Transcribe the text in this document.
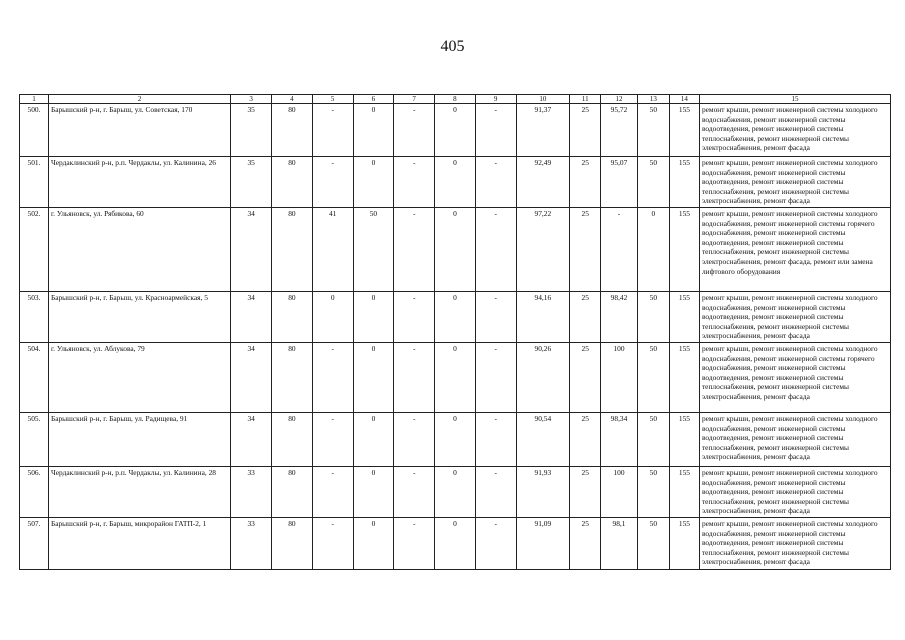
405
1	2	3	4	5	6	7	8	9	10	11	12	13	14	15
500.	Барышский р-н, г. Барыш, ул. Советская, 170	35	80	-	0	-	0	-	91,37	25	95,72	50	155	ремонт крыши, ремонт инженерной системы холодного водоснабжения, ремонт инженерной системы водоотведения, ремонт инженерной системы теплоснабжения, ремонт инженерной системы электроснабжения, ремонт фасада
501.	Чердаклинский р-н, р.п. Чердаклы, ул. Калинина, 26	35	80	-	0	-	0	-	92,49	25	95,07	50	155	ремонт крыши, ремонт инженерной системы холодного водоснабжения, ремонт инженерной системы водоотведения, ремонт инженерной системы теплоснабжения, ремонт инженерной системы электроснабжения, ремонт фасада
502.	г. Ульяновск, ул. Рябикова, 60	34	80	41	50	-	0	-	97,22	25	-	0	155	ремонт крыши, ремонт инженерной системы холодного водоснабжения, ремонт инженерной системы горячего водоснабжения, ремонт инженерной системы водоотведения, ремонт инженерной системы теплоснабжения, ремонт инженерной системы электроснабжения, ремонт фасада, ремонт или замена лифтового оборудования
503.	Барышский р-н, г. Барыш, ул. Красноармейская, 5	34	80	0	0	-	0	-	94,16	25	98,42	50	155	ремонт крыши, ремонт инженерной системы холодного водоснабжения, ремонт инженерной системы водоотведения, ремонт инженерной системы теплоснабжения, ремонт инженерной системы электроснабжения, ремонт фасада
504.	г. Ульяновск, ул. Аблукова, 79	34	80	-	0	-	0	-	90,26	25	100	50	155	ремонт крыши, ремонт инженерной системы холодного водоснабжения, ремонт инженерной системы горячего водоснабжения, ремонт инженерной системы водоотведения, ремонт инженерной системы теплоснабжения, ремонт инженерной системы электроснабжения, ремонт фасада
505.	Барышский р-н, г. Барыш, ул. Радищева, 91	34	80	-	0	-	0	-	90,54	25	98,34	50	155	ремонт крыши, ремонт инженерной системы холодного водоснабжения, ремонт инженерной системы водоотведения, ремонт инженерной системы теплоснабжения, ремонт инженерной системы электроснабжения, ремонт фасада
506.	Чердаклинский р-н, р.п. Чердаклы, ул. Калинина, 28	33	80	-	0	-	0	-	91,93	25	100	50	155	ремонт крыши, ремонт инженерной системы холодного водоснабжения, ремонт инженерной системы водоотведения, ремонт инженерной системы теплоснабжения, ремонт инженерной системы электроснабжения, ремонт фасада
507.	Барышский р-н, г. Барыш, микрорайон ГАТП-2, 1	33	80	-	0	-	0	-	91,09	25	98,1	50	155	ремонт крыши, ремонт инженерной системы холодного водоснабжения, ремонт инженерной системы водоотведения, ремонт инженерной системы теплоснабжения, ремонт инженерной системы электроснабжения, ремонт фасада
